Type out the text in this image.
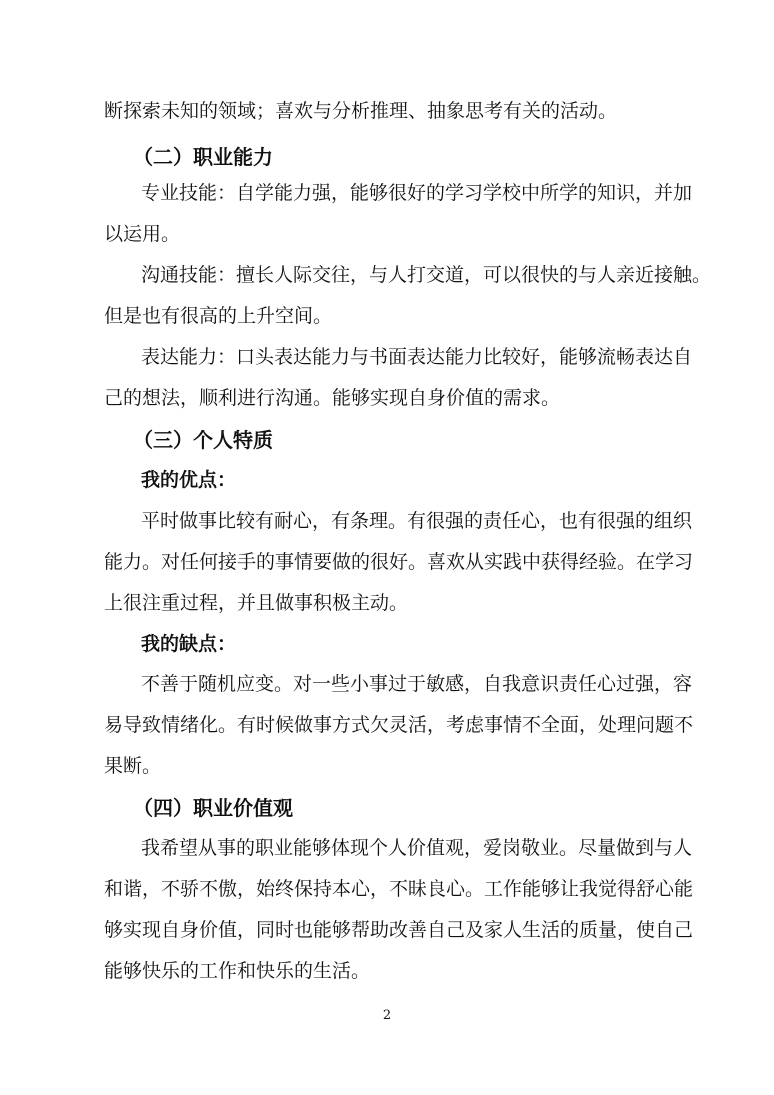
断探索未知的领域；喜欢与分析推理、抽象思考有关的活动。
（二）职业能力
专业技能：自学能力强，能够很好的学习学校中所学的知识，并加
以运用。
沟通技能：擅长人际交往，与人打交道，可以很快的与人亲近接触。
但是也有很高的上升空间。
表达能力：口头表达能力与书面表达能力比较好，能够流畅表达自
己的想法，顺利进行沟通。能够实现自身价值的需求。
（三）个人特质
我的优点：
平时做事比较有耐心，有条理。有很强的责任心，也有很强的组织
能力。对任何接手的事情要做的很好。喜欢从实践中获得经验。在学习
上很注重过程，并且做事积极主动。
我的缺点：
不善于随机应变。对一些小事过于敏感，自我意识责任心过强，容
易导致情绪化。有时候做事方式欠灵活，考虑事情不全面，处理问题不
果断。
（四）职业价值观
我希望从事的职业能够体现个人价值观，爱岗敬业。尽量做到与人
和谐，不骄不傲，始终保持本心，不昧良心。工作能够让我觉得舒心能
够实现自身价值，同时也能够帮助改善自己及家人生活的质量，使自己
能够快乐的工作和快乐的生活。
2
